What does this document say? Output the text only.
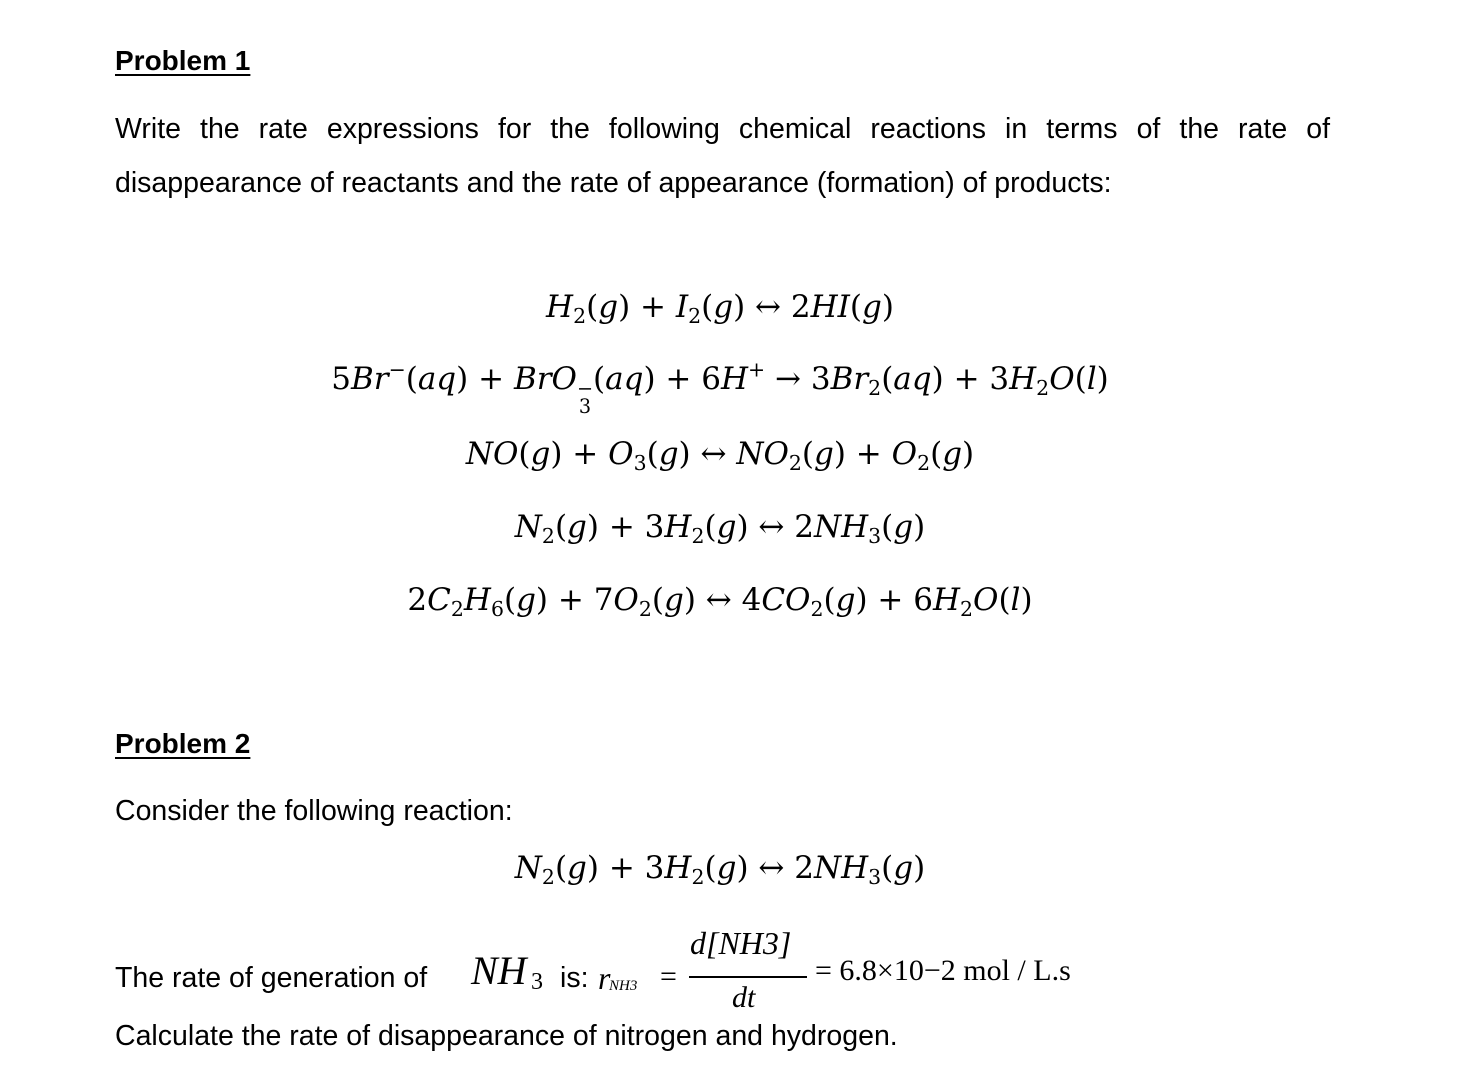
Problem 1

Write the rate expressions for the following chemical reactions in terms of the rate of disappearance of reactants and the rate of appearance (formation) of products:

$H_2(g) + I_2(g)$ ↔ 2HI(g)
5Br−(aq) + BrO −
3
$(aq) + 6H^+ \to 3Br_2(aq) + 3H_2O(l)$
$NO(g) + O_3(g)$ ↔ $NO_2(g) + O_2(g)$
$N_2(g) + 3H_2(g)$ ↔ $2NH_3(g)$
$2C_2H_6(g) + 7O_2(g)$ ↔ $4CO_2(g) + 6H_2O(l)$
Problem 2

Consider the following reaction:

$N_2(g) + 3H_2(g)$ ↔ $2NH_3(g)$
The rate of generation of NH 3 is: r
NH3 =
d[NH3]
dt
= 6.8×10−2 mol / L.s

Calculate the rate of disappearance of nitrogen and hydrogen.
